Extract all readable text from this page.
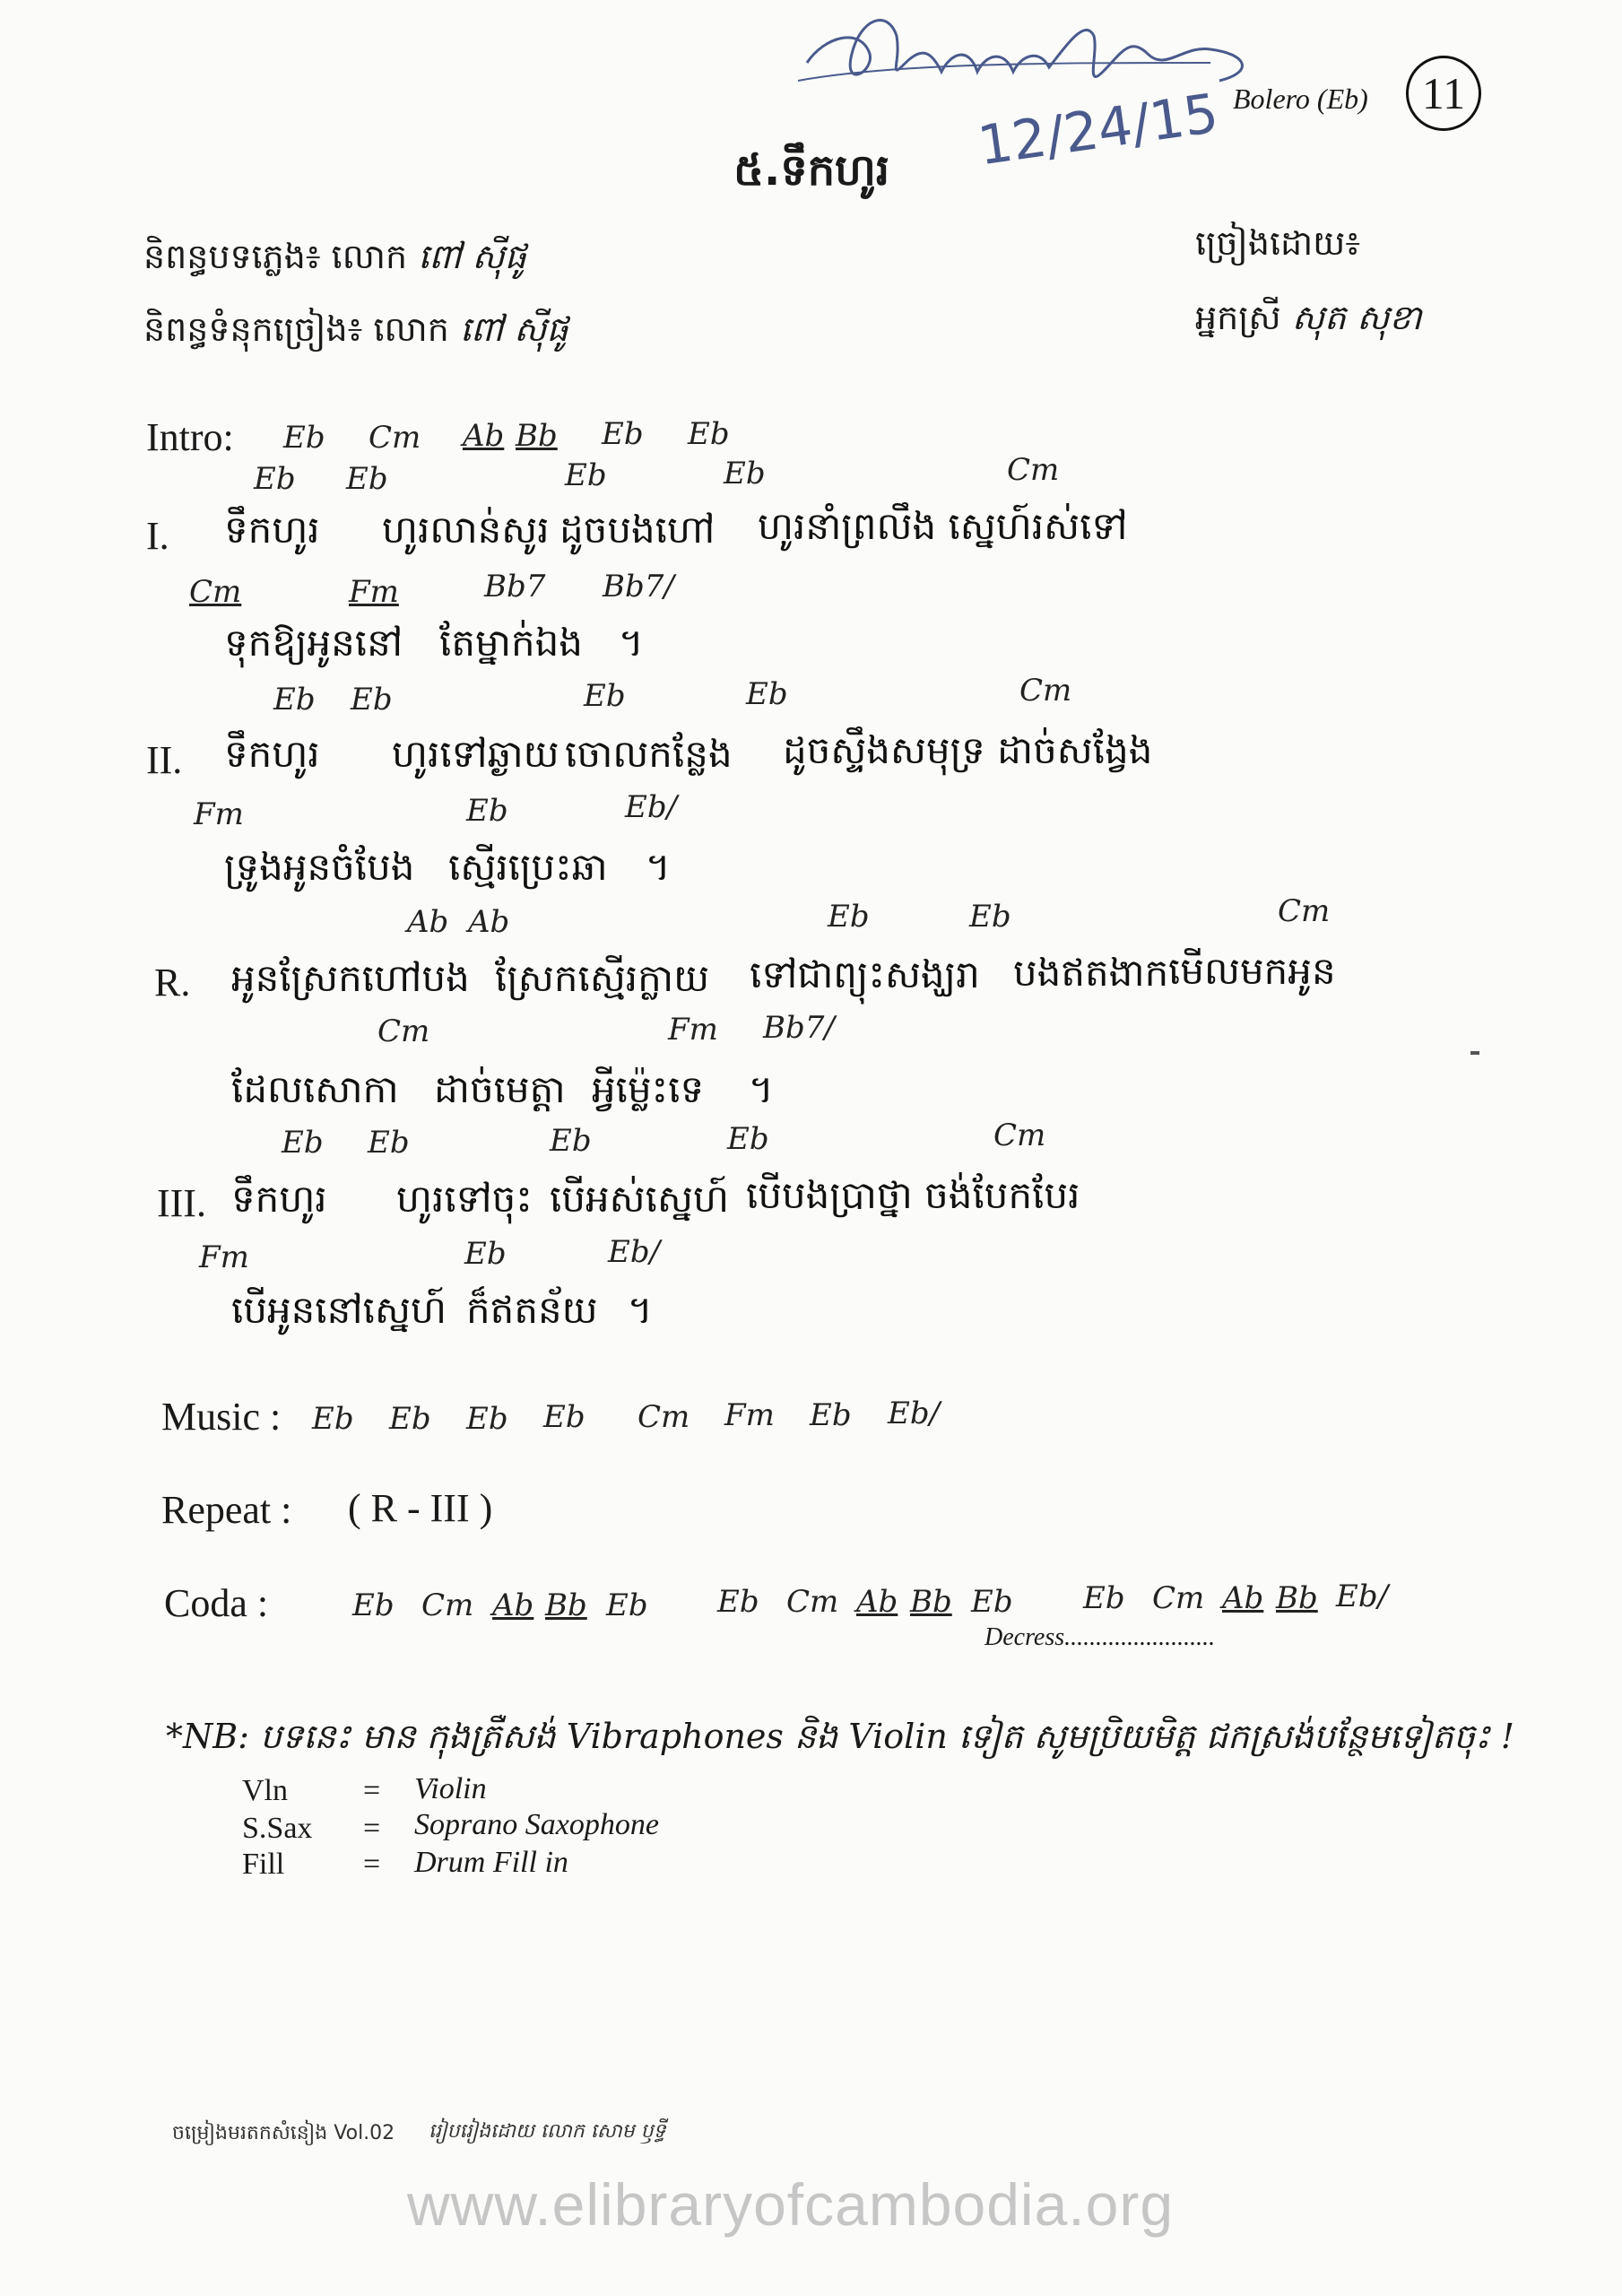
12/24/15 Bolero (Eb)	11
៥.ទឹកហូរ
និពន្ធបទភ្លេង៖ លោក ពៅ ស៊ីផូ
និពន្ធទំនុកច្រៀង៖ លោក ពៅ ស៊ីផូ
ច្រៀងដោយ៖
អ្នកស្រី សុត សុខា
Intro: Eb Cm Ab Bb Eb Eb
Eb Eb	Eb	Eb	Cm
I. ទឹកហូរ ហូរលាន់សូរ ដូចបងហៅ ហូរនាំព្រលឹង ស្នេហ៍រស់ទៅ
Cm	Fm	Bb7 Bb7/
ទុកឱ្យអូននៅ តែម្នាក់ឯង ។
Eb Eb	Eb	Eb	Cm
II. ទឹកហូរ ហូរទៅឆ្ងាយ ចោលកន្លែង ដូចស្ទឹងសមុទ្រ ដាច់សង្វែង
Fm	Eb	Eb/
ទ្រូងអូនចំបែង ស្មើរប្រេះឆា ។
Ab Ab	Eb	Eb	Cm
R. អូនស្រែកហៅបង ស្រែកស្មើរក្លាយ ទៅជាព្យុះសង្ឃរា បងឥតងាក មើលមកអូន
Cm	Fm Bb7/
ដែលសោកា ដាច់មេត្តា អ្វីម្ល៉េះទេ ។
Eb Eb	Eb	Eb	Cm
III. ទឹកហូរ ហូរទៅចុះ បើអស់ស្នេហ៍ បើបងប្រាថ្នា ចង់បែកបែរ
Fm	Eb	Eb/
បើអូននៅស្នេហ៍ ក៏ឥតន័យ ។
Music : Eb Eb Eb Eb Cm Fm Eb Eb/
Repeat : ( R - III )
Coda :	Eb Cm Ab Bb Eb Eb Cm Ab Bb Eb Eb Cm Ab Bb Eb/
Decress........................
*NB: បទនេះ មាន កុងត្រឺសង់ Vibraphones និង Violin ទៀត សូមប្រិយមិត្ត ជកស្រង់បន្ថែមទៀតចុះ !
Vln = Violin
S.Sax = Soprano Saxophone
Fill	= Drum Fill in
ចម្រៀងមរតកសំនៀង Vol.02 រៀបរៀងដោយ លោក សោម ឫទ្ធី
www.elibraryofcambodia.org
